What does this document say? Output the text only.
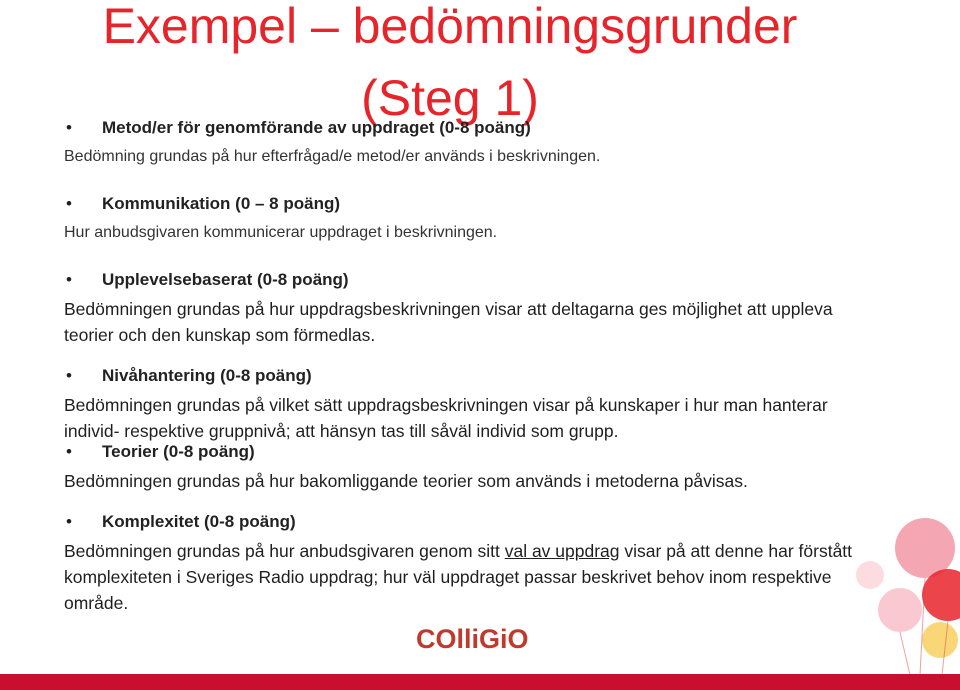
Exempel – bedömningsgrunder
(Steg 1)
•	Metod/er för genomförande av uppdraget (0-8 poäng)
Bedömning grundas på hur efterfrågad/e metod/er används i beskrivningen.
•	Kommunikation (0 – 8 poäng)
Hur anbudsgivaren kommunicerar uppdraget i beskrivningen.
•	Upplevelsebaserat (0-8 poäng)
Bedömningen grundas på hur uppdragsbeskrivningen visar att deltagarna ges möjlighet att uppleva teorier och den kunskap som förmedlas.
•	Nivåhantering (0-8 poäng)
Bedömningen grundas på vilket sätt uppdragsbeskrivningen visar på kunskaper i hur man hanterar individ- respektive gruppnivå; att hänsyn tas till såväl individ som grupp.
•	Teorier (0-8 poäng)
Bedömningen grundas på hur bakomliggande teorier som används i metoderna påvisas.
•	Komplexitet (0-8 poäng)
Bedömningen grundas på hur anbudsgivaren genom sitt val av uppdrag visar på att denne har förstått komplexiteten i Sveriges Radio uppdrag; hur väl uppdraget passar beskrivet behov inom respektive område.
COlliGiO
